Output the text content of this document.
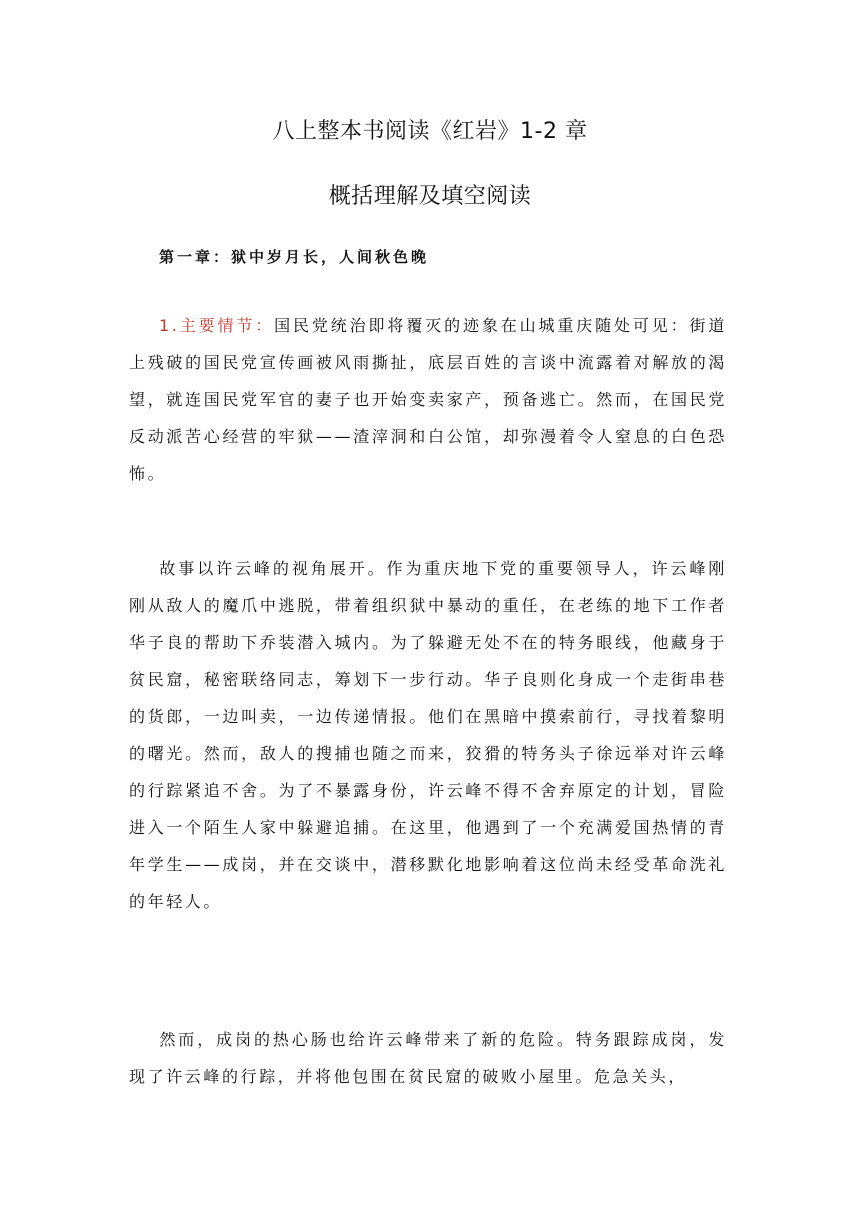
八上整本书阅读《红岩》1-2 章
概括理解及填空阅读
第一章：狱中岁月长，人间秋色晚

1.主要情节：国民党统治即将覆灭的迹象在山城重庆随处可见：街道上残破的国民党宣传画被风雨撕扯，底层百姓的言谈中流露着对解放的渴望，就连国民党军官的妻子也开始变卖家产，预备逃亡。然而，在国民党反动派苦心经营的牢狱——渣滓洞和白公馆，却弥漫着令人窒息的白色恐怖。

故事以许云峰的视角展开。作为重庆地下党的重要领导人，许云峰刚刚从敌人的魔爪中逃脱，带着组织狱中暴动的重任，在老练的地下工作者华子良的帮助下乔装潜入城内。为了躲避无处不在的特务眼线，他藏身于贫民窟，秘密联络同志，筹划下一步行动。华子良则化身成一个走街串巷的货郎，一边叫卖，一边传递情报。他们在黑暗中摸索前行，寻找着黎明的曙光。然而，敌人的搜捕也随之而来，狡猾的特务头子徐远举对许云峰的行踪紧追不舍。为了不暴露身份，许云峰不得不舍弃原定的计划，冒险进入一个陌生人家中躲避追捕。在这里，他遇到了一个充满爱国热情的青年学生——成岗，并在交谈中，潜移默化地影响着这位尚未经受革命洗礼的年轻人。

然而，成岗的热心肠也给许云峰带来了新的危险。特务跟踪成岗，发现了许云峰的行踪，并将他包围在贫民窟的破败小屋里。危急关头，
